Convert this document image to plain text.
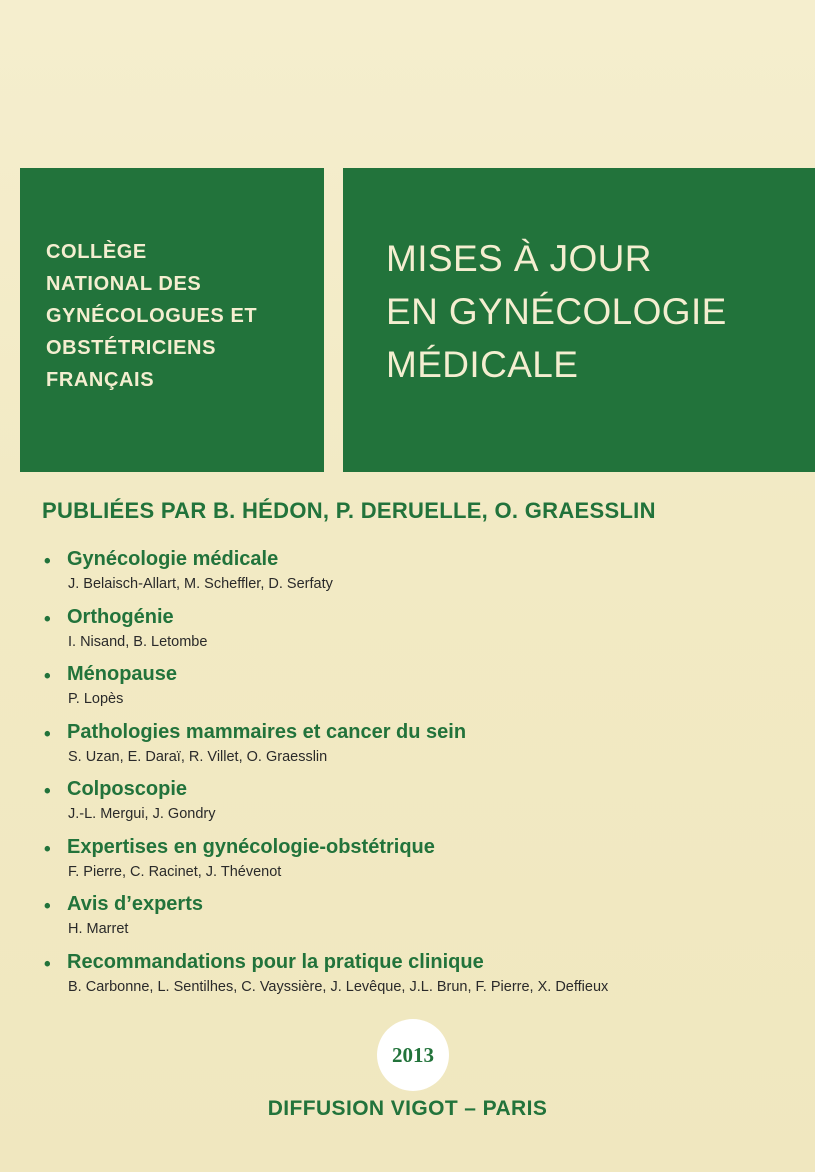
COLLÈGE
NATIONAL DES
GYNÉCOLOGUES ET
OBSTÉTRICIENS
FRANÇAIS
MISES À JOUR
EN GYNÉCOLOGIE
MÉDICALE
PUBLIÉES PAR B. HÉDON, P. DERUELLE, O. GRAESSLIN
• Gynécologie médicale
J. Belaisch-Allart, M. Scheffler, D. Serfaty
• Orthogénie
I. Nisand, B. Letombe
• Ménopause
P. Lopès
• Pathologies mammaires et cancer du sein
S. Uzan, E. Daraï, R. Villet, O. Graesslin
• Colposcopie
J.-L. Mergui, J. Gondry
• Expertises en gynécologie-obstétrique
F. Pierre, C. Racinet, J. Thévenot
• Avis d’experts
H. Marret
• Recommandations pour la pratique clinique
B. Carbonne, L. Sentilhes, C. Vayssière, J. Levêque, J.L. Brun, F. Pierre, X. Deffieux
2013
DIFFUSION VIGOT – PARIS
